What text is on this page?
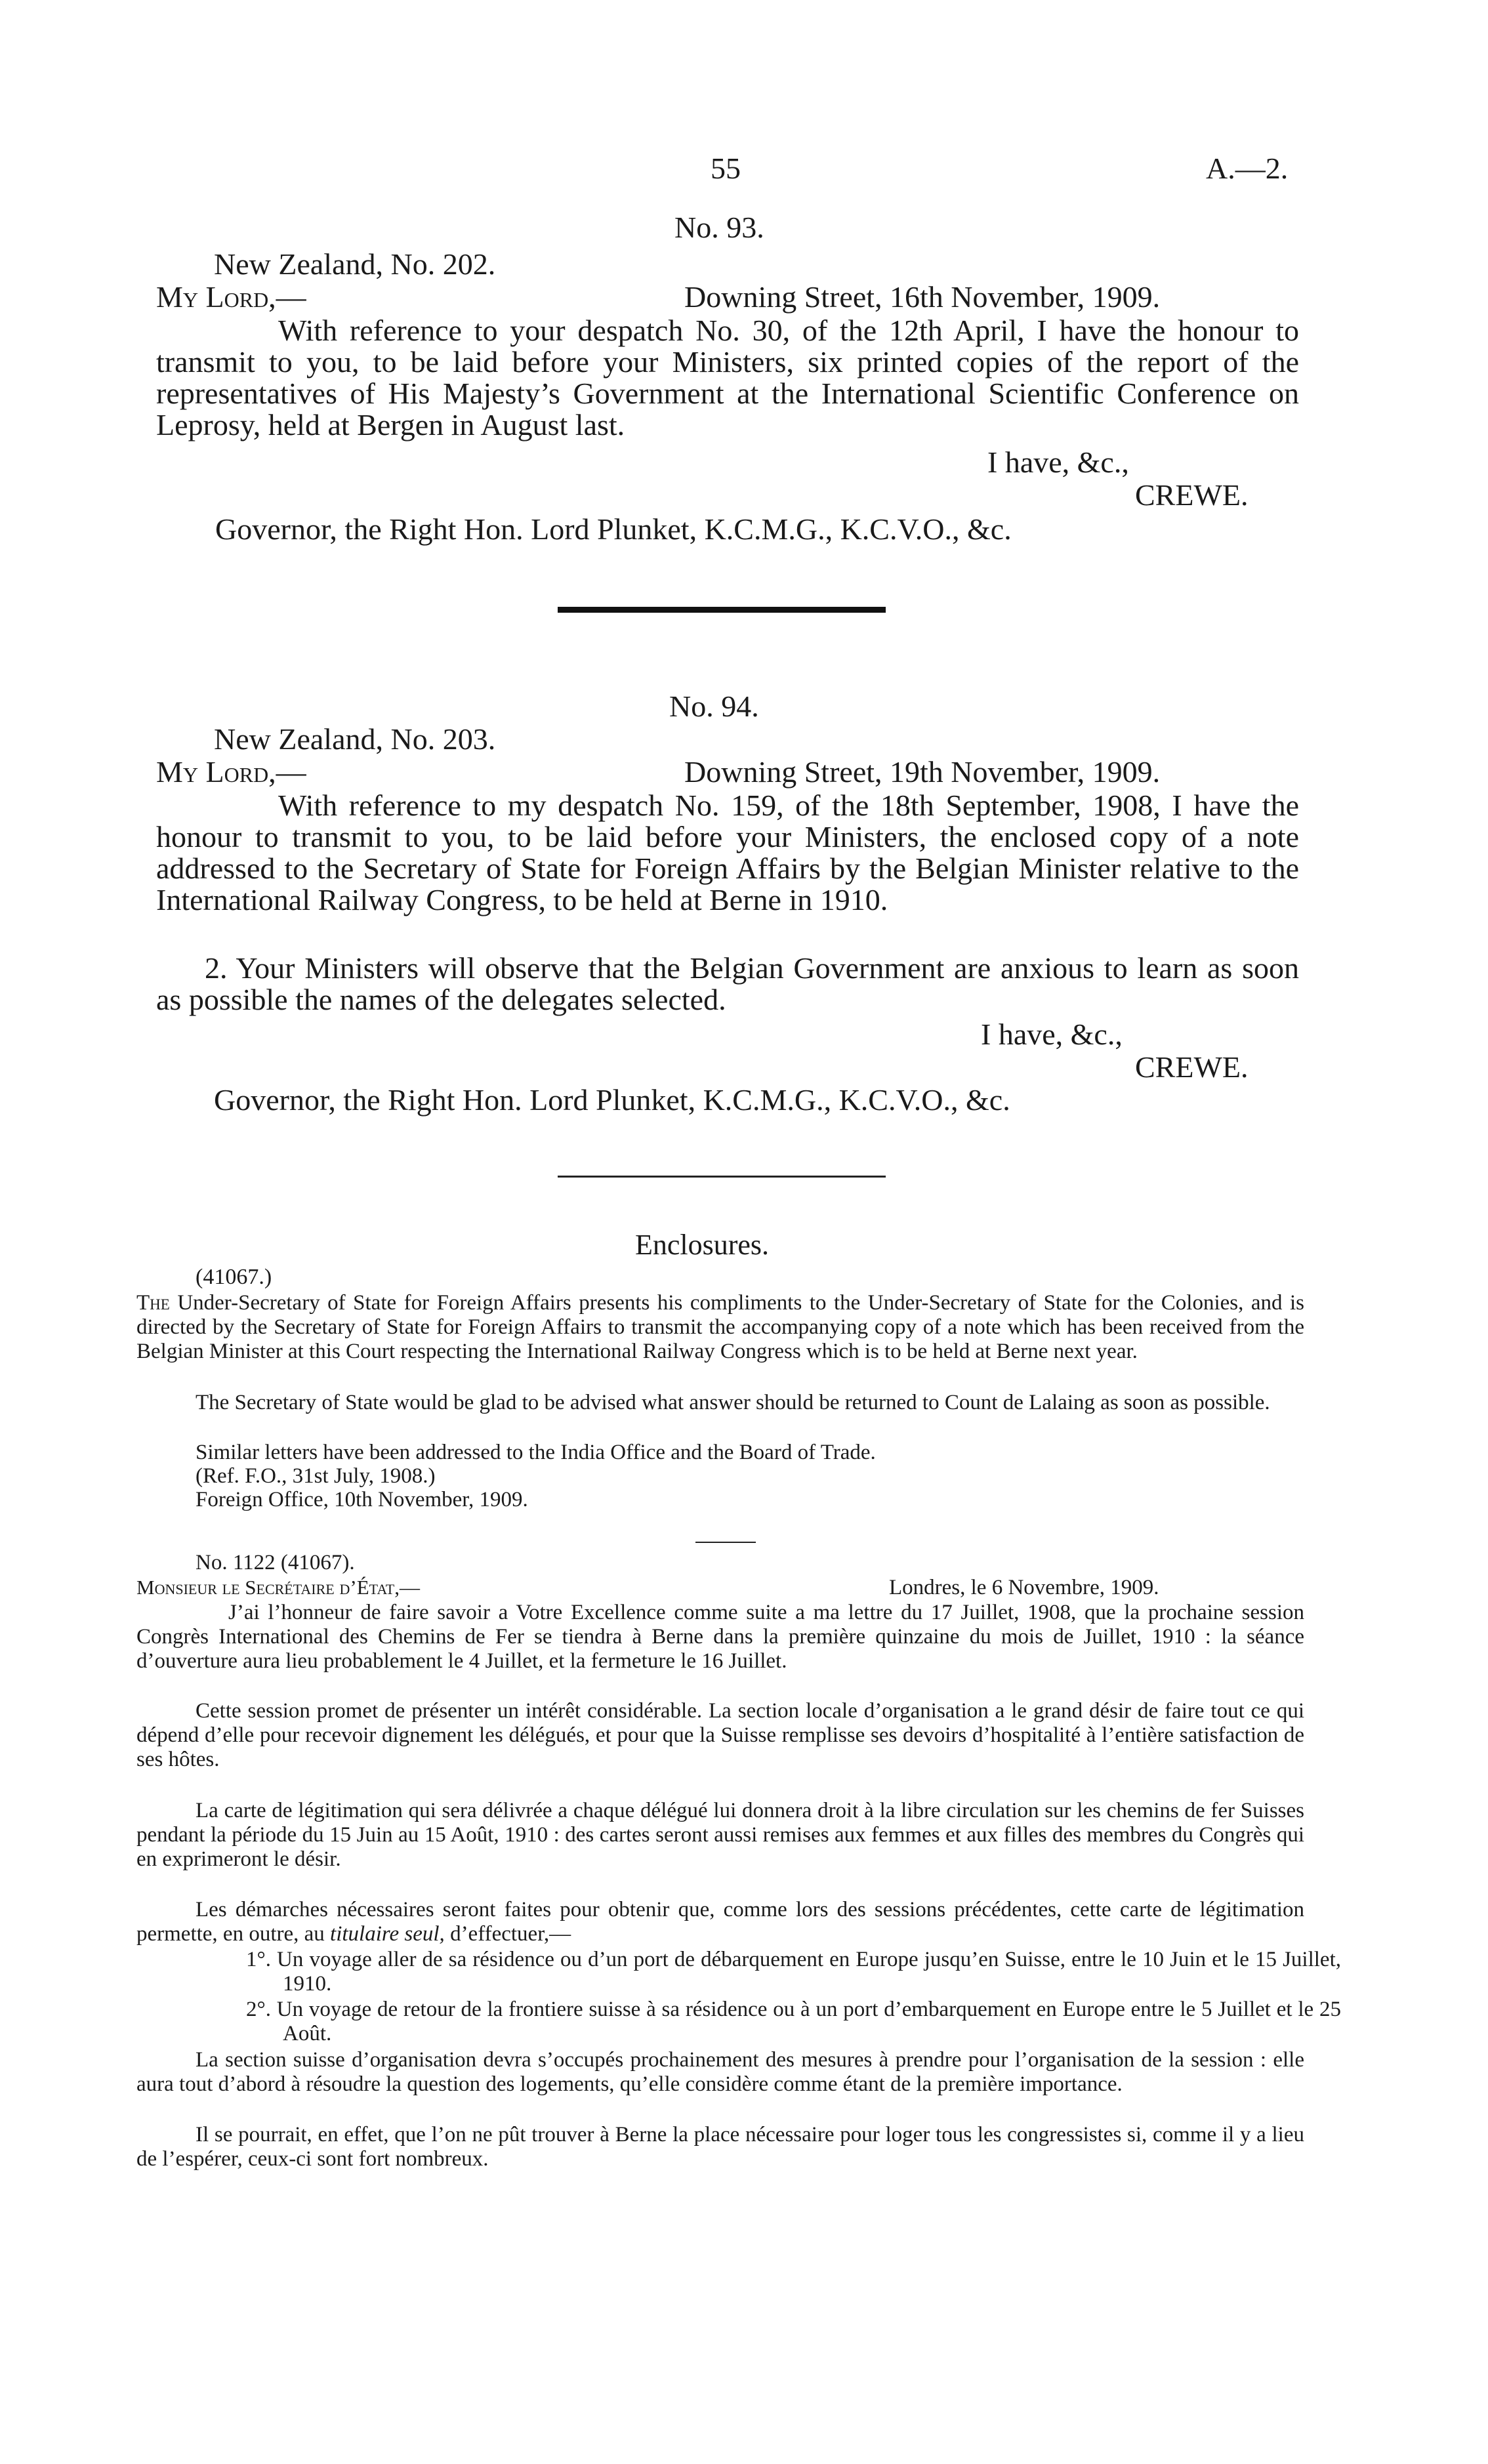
55	A.—2.
No. 93.
New Zealand, No. 202.
My Lord,—	Downing Street, 16th November, 1909.
With reference to your despatch No. 30, of the 12th April, I have the honour to transmit to you, to be laid before your Ministers, six printed copies of the report of the representatives of His Majesty’s Government at the International Scientific Conference on Leprosy, held at Bergen in August last.
I have, &c.,
CREWE.
Governor, the Right Hon. Lord Plunket, K.C.M.G., K.C.V.O., &c.
No. 94.
New Zealand, No. 203.
My Lord,—	Downing Street, 19th November, 1909.
With reference to my despatch No. 159, of the 18th September, 1908, I have the honour to transmit to you, to be laid before your Ministers, the enclosed copy of a note addressed to the Secretary of State for Foreign Affairs by the Belgian Minister relative to the International Railway Congress, to be held at Berne in 1910.
2. Your Ministers will observe that the Belgian Government are anxious to learn as soon as possible the names of the delegates selected.
I have, &c.,
CREWE.
Governor, the Right Hon. Lord Plunket, K.C.M.G., K.C.V.O., &c.
Enclosures.
(41067.)
The Under-Secretary of State for Foreign Affairs presents his compliments to the Under-Secretary of State for the Colonies, and is directed by the Secretary of State for Foreign Affairs to transmit the accompanying copy of a note which has been received from the Belgian Minister at this Court respecting the International Railway Congress which is to be held at Berne next year.
The Secretary of State would be glad to be advised what answer should be returned to Count de Lalaing as soon as possible.
Similar letters have been addressed to the India Office and the Board of Trade.
(Ref. F.O., 31st July, 1908.)
Foreign Office, 10th November, 1909.
No. 1122 (41067).
Monsieur le Secrétaire d’État,—	Londres, le 6 Novembre, 1909.
J’ai l’honneur de faire savoir a Votre Excellence comme suite a ma lettre du 17 Juillet, 1908, que la prochaine session Congrès International des Chemins de Fer se tiendra à Berne dans la première quinzaine du mois de Juillet, 1910 : la séance d’ouverture aura lieu probablement le 4 Juillet, et la fermeture le 16 Juillet.
Cette session promet de présenter un intérêt considérable. La section locale d’organisation a le grand désir de faire tout ce qui dépend d’elle pour recevoir dignement les délégués, et pour que la Suisse remplisse ses devoirs d’hospitalité à l’entière satisfaction de ses hôtes.
La carte de légitimation qui sera délivrée a chaque délégué lui donnera droit à la libre circulation sur les chemins de fer Suisses pendant la période du 15 Juin au 15 Août, 1910 : des cartes seront aussi remises aux femmes et aux filles des membres du Congrès qui en exprimeront le désir.
Les démarches nécessaires seront faites pour obtenir que, comme lors des sessions précédentes, cette carte de légitimation permette, en outre, au titulaire seul, d’effectuer,—
1°. Un voyage aller de sa résidence ou d’un port de débarquement en Europe jusqu’en Suisse, entre le 10 Juin et le 15 Juillet, 1910.
2°. Un voyage de retour de la frontiere suisse à sa résidence ou à un port d’embarquement en Europe entre le 5 Juillet et le 25 Août.
La section suisse d’organisation devra s’occupés prochainement des mesures à prendre pour l’organisation de la session : elle aura tout d’abord à résoudre la question des logements, qu’elle considère comme étant de la première importance.
Il se pourrait, en effet, que l’on ne pût trouver à Berne la place nécessaire pour loger tous les congressistes si, comme il y a lieu de l’espérer, ceux-ci sont fort nombreux.
